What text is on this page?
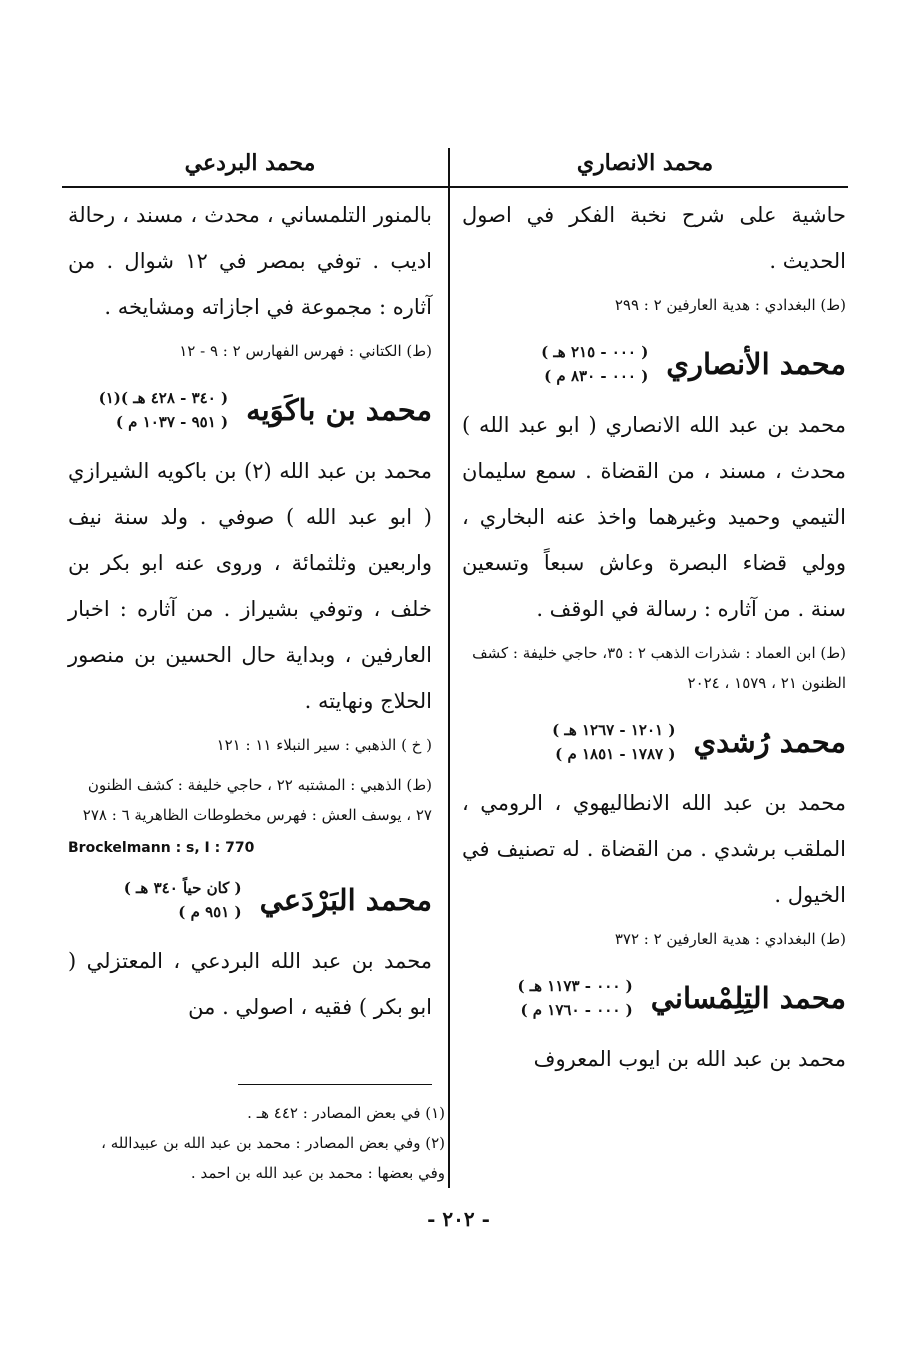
محمد الانصاري
محمد البردعي

حاشية على شرح نخبة الفكر في اصول الحديث .

(ط) البغدادي : هدية العارفين ٢ : ٢٩٩

محمد الأنصاري
( ٠٠٠ - ٢١٥ هـ )
( ٠٠٠ - ٨٣٠ م )

محمد بن عبد الله الانصاري ( ابو عبد الله ) محدث ، مسند ، من القضاة . سمع سليمان التيمي وحميد وغيرهما واخذ عنه البخاري ، وولي قضاء البصرة وعاش سبعاً وتسعين سنة . من آثاره : رسالة في الوقف .

(ط) ابن العماد : شذرات الذهب ٢ : ٣٥، حاجي خليفة : كشف الظنون ٢١ ، ١٥٧٩ ، ٢٠٢٤

محمد رُشدي
( ١٢٠١ - ١٢٦٧ هـ )
( ١٧٨٧ - ١٨٥١ م )

محمد بن عبد الله الانطاليهوي ، الرومي ، الملقب برشدي . من القضاة . له تصنيف في الخيول .

(ط) البغدادي : هدية العارفين ٢ : ٣٧٢

محمد التِلِمْساني
( ٠٠٠ - ١١٧٣ هـ )
( ٠٠٠ - ١٧٦٠ م )

محمد بن عبد الله بن ايوب المعروف

بالمنور التلمساني ، محدث ، مسند ، رحالة اديب . توفي بمصر في ١٢ شوال . من آثاره : مجموعة في اجازاته ومشايخه .

(ط) الكتاني : فهرس الفهارس ٢ : ٩ - ١٢

محمد بن باكَوَيه
( ٣٤٠ - ٤٢٨ هـ )(١)
( ٩٥١ - ١٠٣٧ م )

محمد بن عبد الله (٢) بن باكويه الشيرازي ( ابو عبد الله ) صوفي . ولد سنة نيف واربعين وثلثمائة ، وروى عنه ابو بكر بن خلف ، وتوفي بشيراز . من آثاره : اخبار العارفين ، وبداية حال الحسين بن منصور الحلاج ونهايته .

( خ ) الذهبي : سير النبلاء ١١ : ١٢١

(ط) الذهبي : المشتبه ٢٢ ، حاجي خليفة : كشف الظنون ٢٧ ، يوسف العش : فهرس مخطوطات الظاهرية ٦ : ٢٧٨

Brockelmann : s, I : 770

محمد البَرْدَعي
( كان حياً ٣٤٠ هـ )
( ٩٥١ م )

محمد بن عبد الله البردعي ، المعتزلي ( ابو بكر ) فقيه ، اصولي . من

(١) في بعض المصادر : ٤٤٢ هـ .

(٢) وفي بعض المصادر : محمد بن عبد الله بن عبيدالله ، وفي بعضها : محمد بن عبد الله بن احمد .

- ٢٠٢ -
